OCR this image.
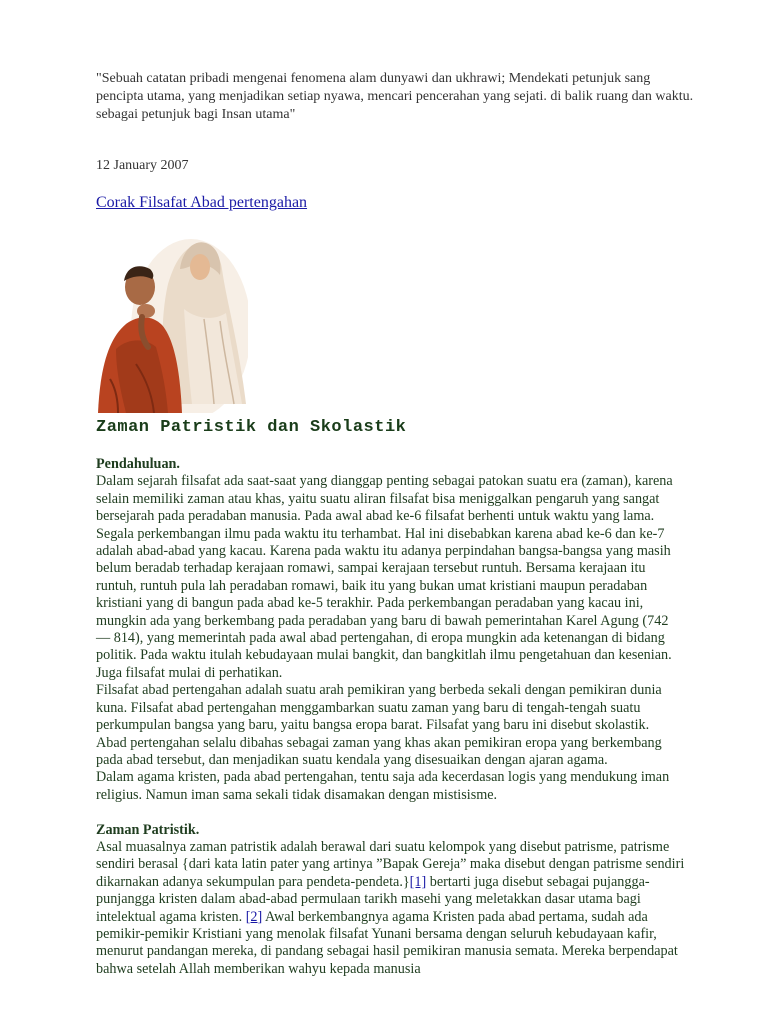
"Sebuah catatan pribadi mengenai fenomena alam dunyawi dan ukhrawi; Mendekati petunjuk sang pencipta utama, yang menjadikan setiap nyawa, mencari pencerahan yang sejati. di balik ruang dan waktu. sebagai petunjuk bagi Insan utama"
12 January 2007
Corak Filsafat Abad pertengahan
Zaman Patristik dan Skolastik
Pendahuluan.
Dalam sejarah filsafat ada saat-saat yang dianggap penting sebagai patokan suatu era (zaman), karena selain memiliki zaman atau khas, yaitu suatu aliran filsafat bisa meniggalkan pengaruh yang sangat bersejarah pada peradaban manusia. Pada awal abad ke-6 filsafat berhenti untuk waktu yang lama. Segala perkembangan ilmu pada waktu itu terhambat. Hal ini disebabkan karena abad ke-6 dan ke-7 adalah abad-abad yang kacau. Karena pada waktu itu adanya perpindahan bangsa-bangsa yang masih belum beradab terhadap kerajaan romawi, sampai kerajaan tersebut runtuh. Bersama kerajaan itu runtuh, runtuh pula lah peradaban romawi, baik itu yang bukan umat kristiani maupun peradaban kristiani yang di bangun pada abad ke-5 terakhir. Pada perkembangan peradaban yang kacau ini, mungkin ada yang berkembang pada peradaban yang baru di bawah pemerintahan Karel Agung (742 — 814), yang memerintah pada awal abad pertengahan, di eropa mungkin ada ketenangan di bidang politik. Pada waktu itulah kebudayaan mulai bangkit, dan bangkitlah ilmu pengetahuan dan kesenian. Juga filsafat mulai di perhatikan.
Filsafat abad pertengahan adalah suatu arah pemikiran yang berbeda sekali dengan pemikiran dunia kuna. Filsafat abad pertengahan menggambarkan suatu zaman yang baru di tengah-tengah suatu perkumpulan bangsa yang baru, yaitu bangsa eropa barat. Filsafat yang baru ini disebut skolastik.
Abad pertengahan selalu dibahas sebagai zaman yang khas akan pemikiran eropa yang berkembang pada abad tersebut, dan menjadikan suatu kendala yang disesuaikan dengan ajaran agama.
Dalam agama kristen, pada abad pertengahan, tentu saja ada kecerdasan logis yang mendukung iman religius. Namun iman sama sekali tidak disamakan dengan mistisisme.
Zaman Patristik.
Asal muasalnya zaman patristik adalah berawal dari suatu kelompok yang disebut patrisme, patrisme sendiri berasal {dari kata latin pater yang artinya ”Bapak Gereja” maka disebut dengan patrisme sendiri dikarnakan adanya sekumpulan para pendeta-pendeta.}[1] bertarti juga disebut sebagai pujangga-punjangga kristen dalam abad-abad permulaan tarikh masehi yang meletakkan dasar utama bagi intelektual agama kristen. [2] Awal berkembangnya agama Kristen pada abad pertama, sudah ada pemikir-pemikir Kristiani yang menolak filsafat Yunani bersama dengan seluruh kebudayaan kafir, menurut pandangan mereka, di pandang sebagai hasil pemikiran manusia semata. Mereka berpendapat bahwa setelah Allah memberikan wahyu kepada manusia
